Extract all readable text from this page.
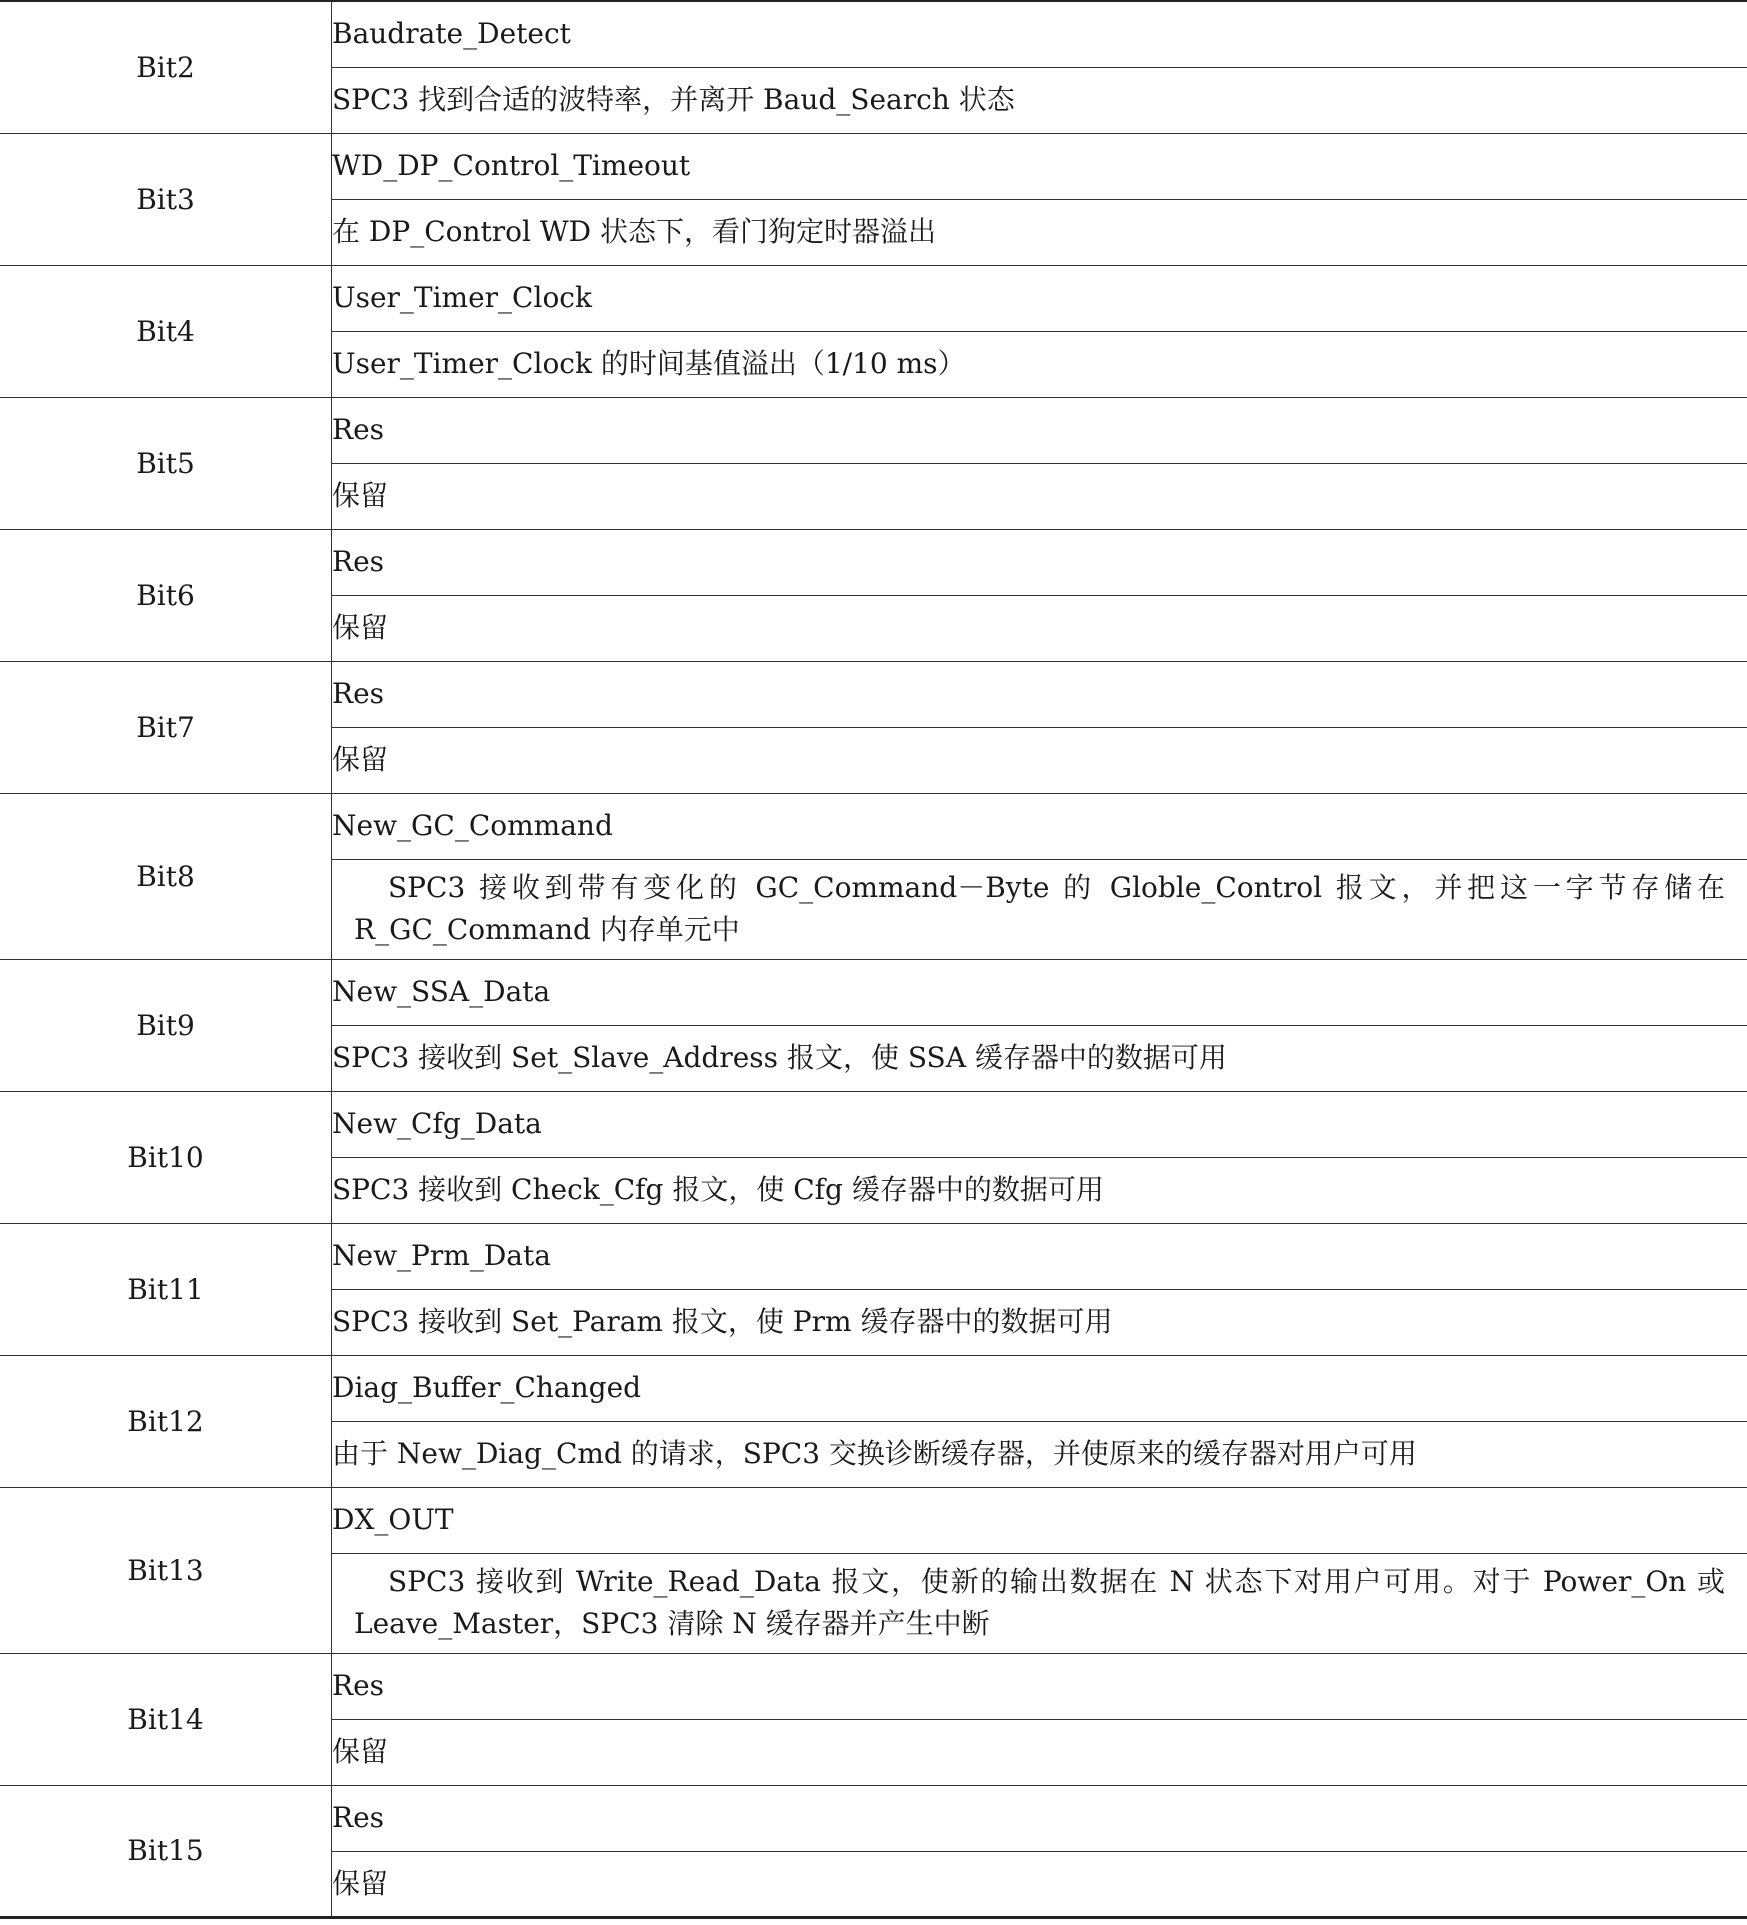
Bit2	Baudrate_Detect
	SPC3 找到合适的波特率，并离开 Baud_Search 状态
Bit3	WD_DP_Control_Timeout
	在 DP_Control WD 状态下，看门狗定时器溢出
Bit4	User_Timer_Clock
	User_Timer_Clock 的时间基值溢出（1/10 ms）
Bit5	Res
	保留
Bit6	Res
	保留
Bit7	Res
	保留
Bit8	New_GC_Command
	SPC3 接收到带有变化的 GC_Command－Byte 的 Globle_Control 报文，并把这一字节存储在 R_GC_Command 内存单元中
Bit9	New_SSA_Data
	SPC3 接收到 Set_Slave_Address 报文，使 SSA 缓存器中的数据可用
Bit10	New_Cfg_Data
	SPC3 接收到 Check_Cfg 报文，使 Cfg 缓存器中的数据可用
Bit11	New_Prm_Data
	SPC3 接收到 Set_Param 报文，使 Prm 缓存器中的数据可用
Bit12	Diag_Buffer_Changed
	由于 New_Diag_Cmd 的请求，SPC3 交换诊断缓存器，并使原来的缓存器对用户可用
Bit13	DX_OUT
	SPC3 接收到 Write_Read_Data 报文，使新的输出数据在 N 状态下对用户可用。对于 Power_On 或 Leave_Master，SPC3 清除 N 缓存器并产生中断
Bit14	Res
	保留
Bit15	Res
	保留
